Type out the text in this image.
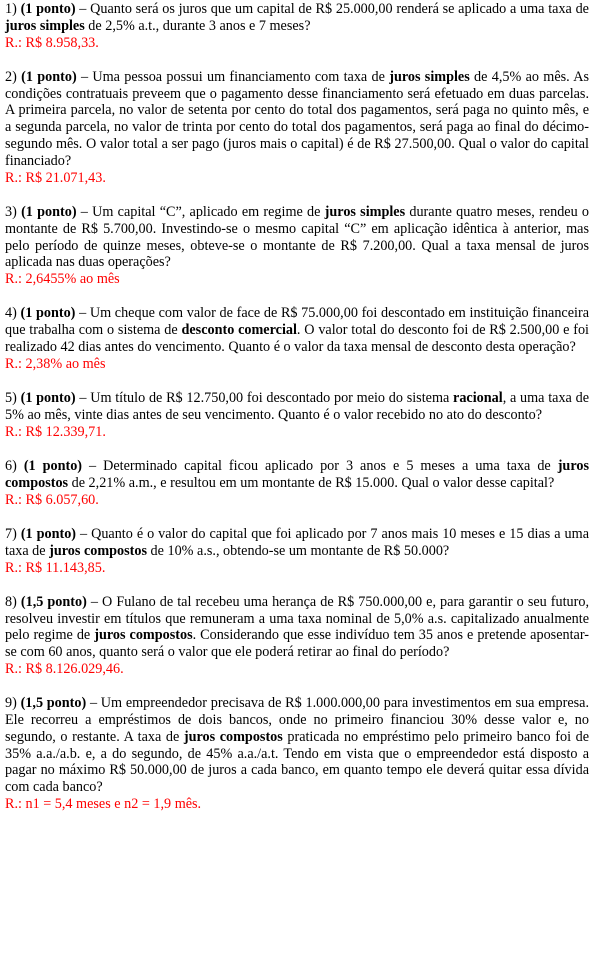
1) (1 ponto) – Quanto será os juros que um capital de R$ 25.000,00 renderá se aplicado a uma taxa de juros simples de 2,5% a.t., durante 3 anos e 7 meses?

R.: R$ 8.958,33.

2) (1 ponto) – Uma pessoa possui um financiamento com taxa de juros simples de 4,5% ao mês. As condições contratuais preveem que o pagamento desse financiamento será efetuado em duas parcelas. A primeira parcela, no valor de setenta por cento do total dos pagamentos, será paga no quinto mês, e a segunda parcela, no valor de trinta por cento do total dos pagamentos, será paga ao final do décimo-segundo mês. O valor total a ser pago (juros mais o capital) é de R$ 27.500,00. Qual o valor do capital financiado?

R.: R$ 21.071,43.

3) (1 ponto) – Um capital “C”, aplicado em regime de juros simples durante quatro meses, rendeu o montante de R$ 5.700,00. Investindo-se o mesmo capital “C” em aplicação idêntica à anterior, mas pelo período de quinze meses, obteve-se o montante de R$ 7.200,00. Qual a taxa mensal de juros aplicada nas duas operações?

R.: 2,6455% ao mês

4) (1 ponto) – Um cheque com valor de face de R$ 75.000,00 foi descontado em instituição financeira que trabalha com o sistema de desconto comercial. O valor total do desconto foi de R$ 2.500,00 e foi realizado 42 dias antes do vencimento. Quanto é o valor da taxa mensal de desconto desta operação?

R.: 2,38% ao mês

5) (1 ponto) – Um título de R$ 12.750,00 foi descontado por meio do sistema racional, a uma taxa de 5% ao mês, vinte dias antes de seu vencimento. Quanto é o valor recebido no ato do desconto?

R.: R$ 12.339,71.

6) (1 ponto) – Determinado capital ficou aplicado por 3 anos e 5 meses a uma taxa de juros compostos de 2,21% a.m., e resultou em um montante de R$ 15.000. Qual o valor desse capital?

R.: R$ 6.057,60.

7) (1 ponto) – Quanto é o valor do capital que foi aplicado por 7 anos mais 10 meses e 15 dias a uma taxa de juros compostos de 10% a.s., obtendo-se um montante de R$ 50.000?

R.: R$ 11.143,85.

8) (1,5 ponto) – O Fulano de tal recebeu uma herança de R$ 750.000,00 e, para garantir o seu futuro, resolveu investir em títulos que remuneram a uma taxa nominal de 5,0% a.s. capitalizado anualmente pelo regime de juros compostos. Considerando que esse indivíduo tem 35 anos e pretende aposentar-se com 60 anos, quanto será o valor que ele poderá retirar ao final do período?

R.: R$ 8.126.029,46.

9) (1,5 ponto) – Um empreendedor precisava de R$ 1.000.000,00 para investimentos em sua empresa. Ele recorreu a empréstimos de dois bancos, onde no primeiro financiou 30% desse valor e, no segundo, o restante. A taxa de juros compostos praticada no empréstimo pelo primeiro banco foi de 35% a.a./a.b. e, a do segundo, de 45% a.a./a.t. Tendo em vista que o empreendedor está disposto a pagar no máximo R$ 50.000,00 de juros a cada banco, em quanto tempo ele deverá quitar essa dívida com cada banco?

R.: n1 = 5,4 meses e n2 = 1,9 mês.
